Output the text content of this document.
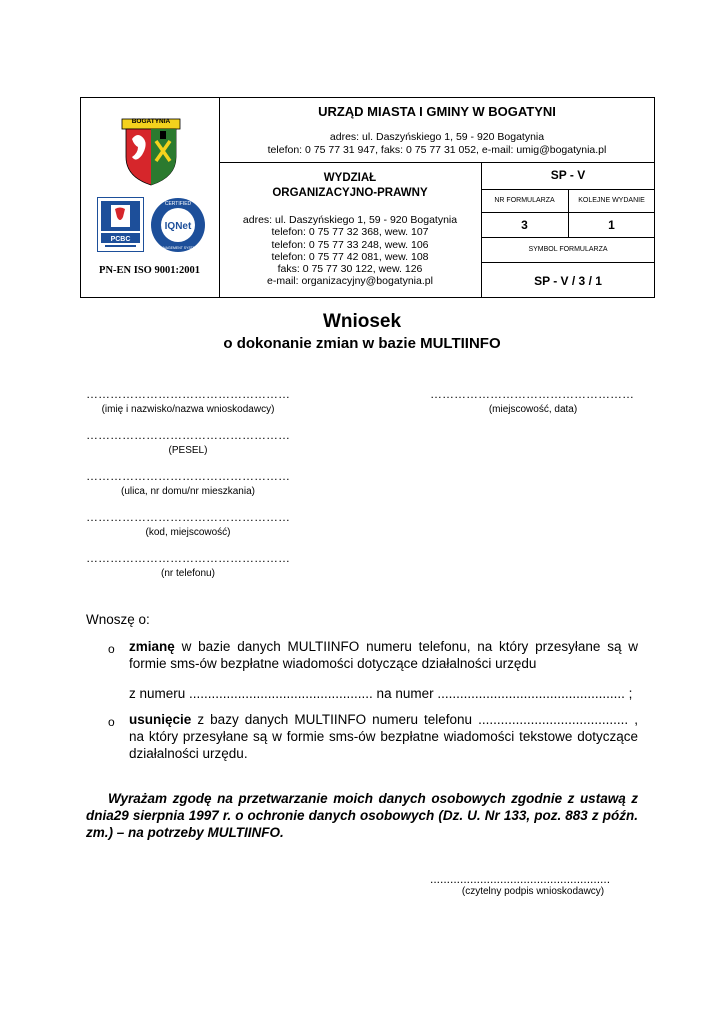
BOGATYNIA
PCBC
IQNet
CERTIFIED
MANAGEMENT SYSTEM
PN-EN ISO 9001:2001
URZĄD MIASTA I GMINY W BOGATYNI
adres: ul. Daszyńskiego 1, 59 - 920 Bogatynia
telefon: 0 75 77 31 947, faks: 0 75 77 31 052, e-mail: umig@bogatynia.pl
WYDZIAŁ
ORGANIZACYJNO-PRAWNY
adres: ul. Daszyńskiego 1, 59 - 920 Bogatynia
telefon: 0 75 77 32 368, wew. 107
telefon: 0 75 77 33 248, wew. 106
telefon: 0 75 77 42 081, wew. 108
faks: 0 75 77 30 122, wew. 126
e-mail: organizacyjny@bogatynia.pl
SP - V
NR FORMULARZA	KOLEJNE WYDANIE
3	1
SYMBOL FORMULARZA
SP - V / 3 / 1
Wniosek
o dokonanie zmian w bazie MULTIINFO
……………………………………………
(imię i nazwisko/nazwa wnioskodawcy)
……………………………………………
(miejscowość, data)
……………………………………………
(PESEL)
……………………………………………
(ulica, nr domu/nr mieszkania)
……………………………………………
(kod, miejscowość)
……………………………………………
(nr telefonu)
Wnoszę o:
o zmianę w bazie danych MULTIINFO numeru telefonu, na który przesyłane są w formie sms-ów bezpłatne wiadomości dotyczące działalności urzędu
z numeru ................................................. na numer .................................................. ;
o usunięcie z bazy danych MULTIINFO numeru telefonu ........................................ , na który przesyłane są w formie sms-ów bezpłatne wiadomości tekstowe dotyczące działalności urzędu.
Wyrażam zgodę na przetwarzanie moich danych osobowych zgodnie z ustawą z dnia29 sierpnia 1997 r. o ochronie danych osobowych (Dz. U. Nr 133, poz. 883 z późn. zm.) – na potrzeby MULTIINFO.
......................................................
(czytelny podpis wnioskodawcy)
